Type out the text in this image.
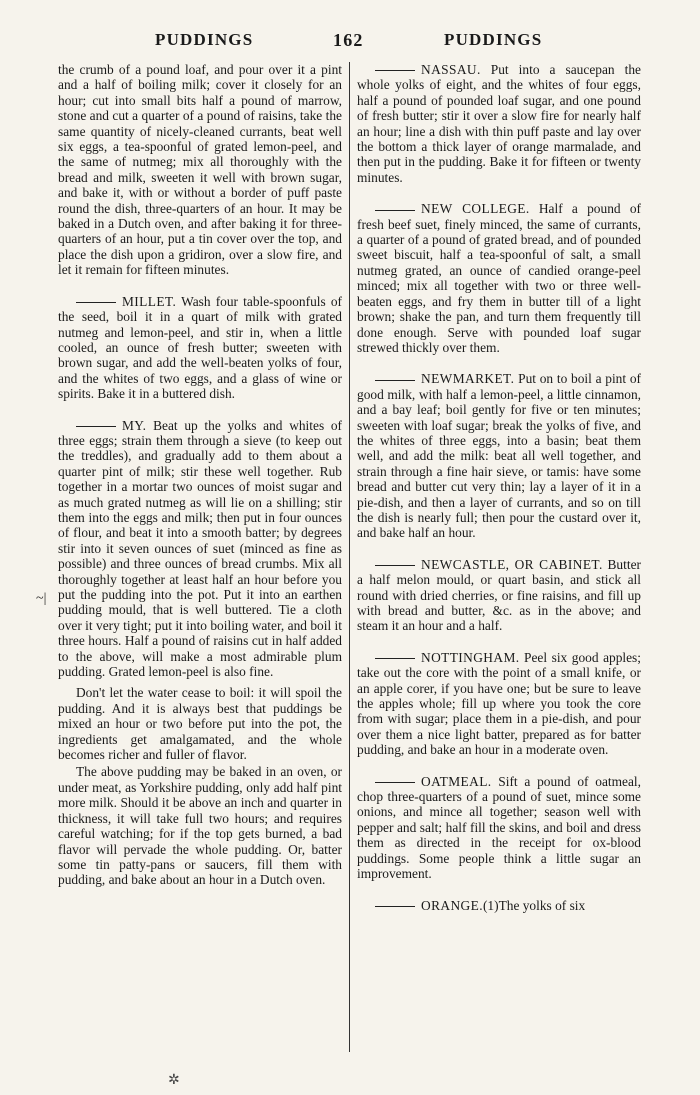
PUDDINGS	162	PUDDINGS

the crumb of a pound loaf, and pour over it a pint and a half of boiling milk; cover it closely for an hour; cut into small bits half a pound of marrow, stone and cut a quarter of a pound of raisins, take the same quantity of nicely-cleaned currants, beat well six eggs, a tea-spoonful of grated lemon-peel, and the same of nutmeg; mix all thoroughly with the bread and milk, sweeten it well with brown sugar, and bake it, with or without a border of puff paste round the dish, three-quarters of an hour. It may be baked in a Dutch oven, and after baking it for three-quarters of an hour, put a tin cover over the top, and place the dish upon a gridiron, over a slow fire, and let it remain for fifteen minutes.

MILLET. Wash four table-spoonfuls of the seed, boil it in a quart of milk with grated nutmeg and lemon-peel, and stir in, when a little cooled, an ounce of fresh butter; sweeten with brown sugar, and add the well-beaten yolks of four, and the whites of two eggs, and a glass of wine or spirits. Bake it in a buttered dish.

MY. Beat up the yolks and whites of three eggs; strain them through a sieve (to keep out the treddles), and gradually add to them about a quarter pint of milk; stir these well together. Rub together in a mortar two ounces of moist sugar and as much grated nutmeg as will lie on a shilling; stir them into the eggs and milk; then put in four ounces of flour, and beat it into a smooth batter; by degrees stir into it seven ounces of suet (minced as fine as possible) and three ounces of bread crumbs. Mix all thoroughly together at least half an hour before you put the pudding into the pot. Put it into an earthen pudding mould, that is well buttered. Tie a cloth over it very tight; put it into boiling water, and boil it three hours. Half a pound of raisins cut in half added to the above, will make a most admirable plum pudding. Grated lemon-peel is also fine.

Don't let the water cease to boil: it will spoil the pudding. And it is always best that puddings be mixed an hour or two before put into the pot, the ingredients get amalgamated, and the whole becomes richer and fuller of flavor.

The above pudding may be baked in an oven, or under meat, as Yorkshire pudding, only add half pint more milk. Should it be above an inch and quarter in thickness, it will take full two hours; and requires careful watching; for if the top gets burned, a bad flavor will pervade the whole pudding. Or, batter some tin patty-pans or saucers, fill them with pudding, and bake about an hour in a Dutch oven.

NASSAU. Put into a saucepan the whole yolks of eight, and the whites of four eggs, half a pound of pounded loaf sugar, and one pound of fresh butter; stir it over a slow fire for nearly half an hour; line a dish with thin puff paste and lay over the bottom a thick layer of orange marmalade, and then put in the pudding. Bake it for fifteen or twenty minutes.

NEW COLLEGE. Half a pound of fresh beef suet, finely minced, the same of currants, a quarter of a pound of grated bread, and of pounded sweet biscuit, half a tea-spoonful of salt, a small nutmeg grated, an ounce of candied orange-peel minced; mix all together with two or three well-beaten eggs, and fry them in butter till of a light brown; shake the pan, and turn them frequently till done enough. Serve with pounded loaf sugar strewed thickly over them.

NEWMARKET. Put on to boil a pint of good milk, with half a lemon-peel, a little cinnamon, and a bay leaf; boil gently for five or ten minutes; sweeten with loaf sugar; break the yolks of five, and the whites of three eggs, into a basin; beat them well, and add the milk: beat all well together, and strain through a fine hair sieve, or tamis: have some bread and butter cut very thin; lay a layer of it in a pie-dish, and then a layer of currants, and so on till the dish is nearly full; then pour the custard over it, and bake half an hour.

NEWCASTLE, OR CABINET. Butter a half melon mould, or quart basin, and stick all round with dried cherries, or fine raisins, and fill up with bread and butter, &c. as in the above; and steam it an hour and a half.

NOTTINGHAM. Peel six good apples; take out the core with the point of a small knife, or an apple corer, if you have one; but be sure to leave the apples whole; fill up where you took the core from with sugar; place them in a pie-dish, and pour over them a nice light batter, prepared as for batter pudding, and bake an hour in a moderate oven.

OATMEAL. Sift a pound of oatmeal, chop three-quarters of a pound of suet, mince some onions, and mince all together; season well with pepper and salt; half fill the skins, and boil and dress them as directed in the receipt for ox-blood puddings. Some people think a little sugar an improvement.

ORANGE.(1)The yolks of six

~|
✲
